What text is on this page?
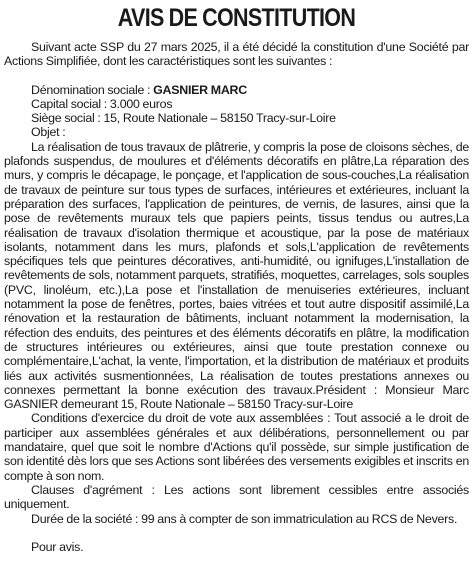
AVIS DE CONSTITUTION

Suivant acte SSP du 27 mars 2025, il a été décidé la constitution d'une Société par Actions Simplifiée, dont les caractéristiques sont les suivantes :

Dénomination sociale : GASNIER MARC
Capital social : 3.000 euros
Siège social : 15, Route Nationale – 58150 Tracy-sur-Loire
Objet :

La réalisation de tous travaux de plâtrerie, y compris la pose de cloisons sèches, de plafonds suspendus, de moulures et d'éléments décoratifs en plâtre,La réparation des murs, y compris le décapage, le ponçage, et l'application de sous-couches,La réalisation de travaux de peinture sur tous types de surfaces, intérieures et extérieures, incluant la préparation des surfaces, l'application de peintures, de vernis, de lasures, ainsi que la pose de revêtements muraux tels que papiers peints, tissus tendus ou autres,La réalisation de travaux d'isolation thermique et acoustique, par la pose de matériaux isolants, notamment dans les murs, plafonds et sols,L'application de revêtements spécifiques tels que peintures décoratives, anti-humidité, ou ignifuges,L'installation de revêtements de sols, notamment parquets, stratifiés, moquettes, carrelages, sols souples (PVC, linoléum, etc.),La pose et l'installation de menuiseries extérieures, incluant notamment la pose de fenêtres, portes, baies vitrées et tout autre dispositif assimilé,La rénovation et la restauration de bâtiments, incluant notamment la modernisation, la réfection des enduits, des peintures et des éléments décoratifs en plâtre, la modification de structures intérieures ou extérieures, ainsi que toute prestation connexe ou complémentaire,L'achat, la vente, l'importation, et la distribution de matériaux et produits liés aux activités susmentionnées, La réalisation de toutes prestations annexes ou connexes permettant la bonne exécution des travaux.Président : Monsieur Marc GASNIER demeurant 15, Route Nationale – 58150 Tracy-sur-Loire

Conditions d'exercice du droit de vote aux assemblées : Tout associé a le droit de participer aux assemblées générales et aux délibérations, personnellement ou par mandataire, quel que soit le nombre d'Actions qu'il possède, sur simple justification de son identité dès lors que ses Actions sont libérées des versements exigibles et inscrits en compte à son nom.

Clauses d'agrément : Les actions sont librement cessibles entre associés uniquement.

Durée de la société : 99 ans à compter de son immatriculation au RCS de Nevers.

Pour avis.
